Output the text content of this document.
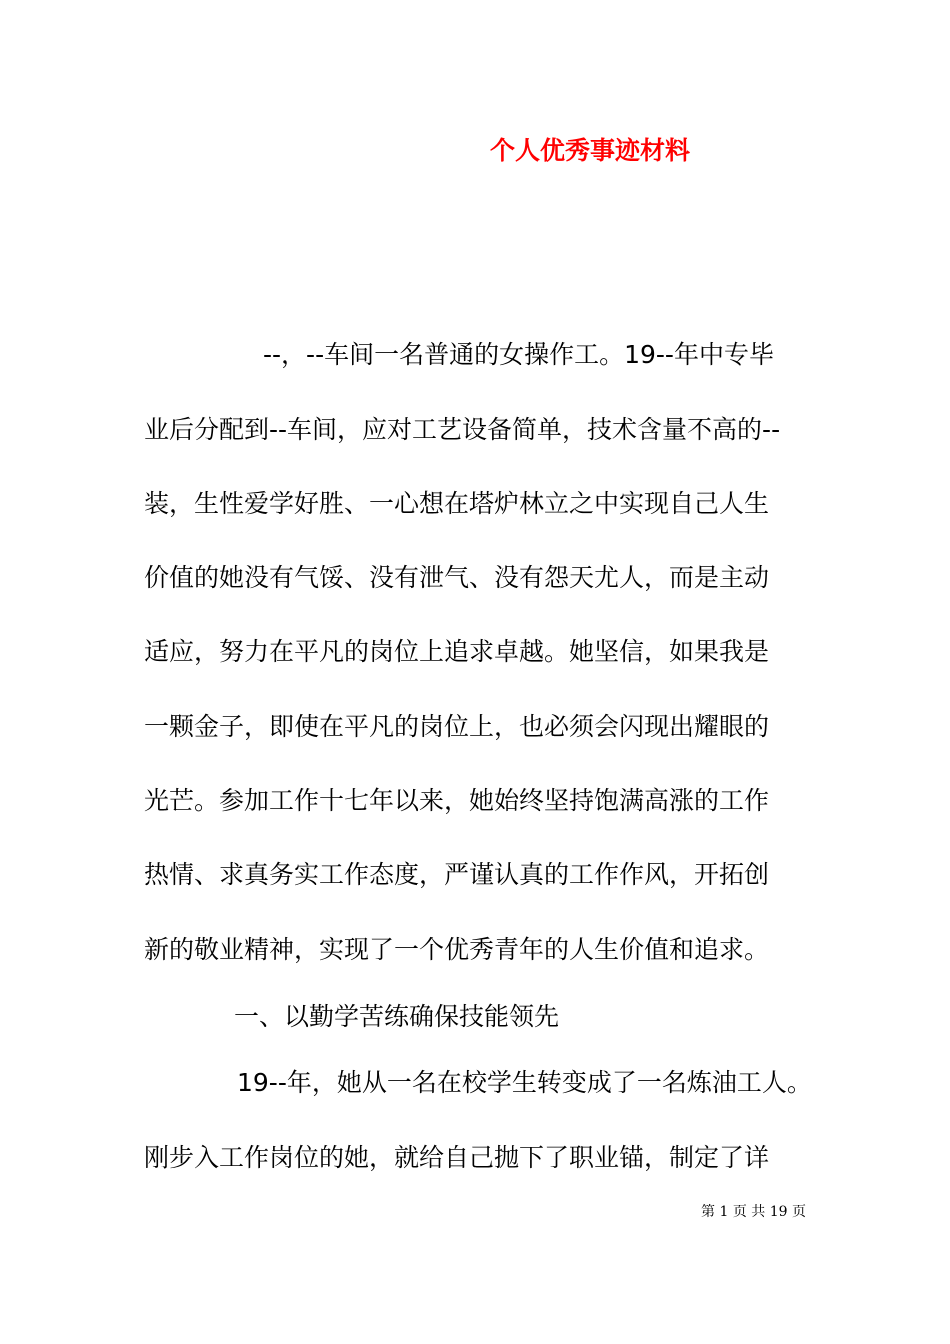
个人优秀事迹材料
--，--车间一名普通的女操作工。19--年中专毕
业后分配到--车间，应对工艺设备简单，技术含量不高的--
装，生性爱学好胜、一心想在塔炉林立之中实现自己人生
价值的她没有气馁、没有泄气、没有怨天尤人，而是主动
适应，努力在平凡的岗位上追求卓越。她坚信，如果我是
一颗金子，即使在平凡的岗位上，也必须会闪现出耀眼的
光芒。参加工作十七年以来，她始终坚持饱满高涨的工作
热情、求真务实工作态度，严谨认真的工作作风，开拓创
新的敬业精神，实现了一个优秀青年的人生价值和追求。
一、以勤学苦练确保技能领先
19--年，她从一名在校学生转变成了一名炼油工人。
刚步入工作岗位的她，就给自己抛下了职业锚，制定了详
第 1 页 共 19 页
